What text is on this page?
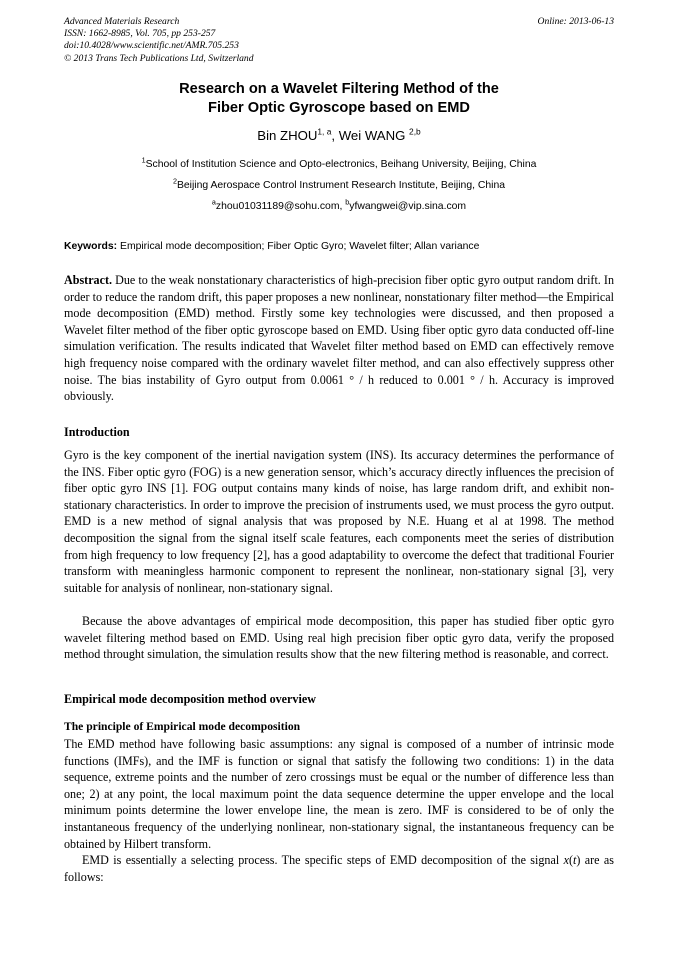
Advanced Materials Research	Online: 2013-06-13
ISSN: 1662-8985, Vol. 705, pp 253-257
doi:10.4028/www.scientific.net/AMR.705.253
© 2013 Trans Tech Publications Ltd, Switzerland
Research on a Wavelet Filtering Method of the
Fiber Optic Gyroscope based on EMD
Bin ZHOU$^{1, a}$, Wei WANG $^{2,b}$
$^1$School of Institution Science and Opto-electronics, Beihang University, Beijing, China
$^2$Beijing Aerospace Control Instrument Research Institute, Beijing, China
$^a$zhou01031189@sohu.com, $^b$yfwangwei@vip.sina.com
Keywords: Empirical mode decomposition; Fiber Optic Gyro; Wavelet filter; Allan variance
Abstract. Due to the weak nonstationary characteristics of high-precision fiber optic gyro output random drift. In order to reduce the random drift, this paper proposes a new nonlinear, nonstationary filter method—the Empirical mode decomposition (EMD) method. Firstly some key technologies were discussed, and then proposed a Wavelet filter method of the fiber optic gyroscope based on EMD. Using fiber optic gyro data conducted off-line simulation verification. The results indicated that Wavelet filter method based on EMD can effectively remove high frequency noise compared with the ordinary wavelet filter method, and can also effectively suppress other noise. The bias instability of Gyro output from 0.0061 ° / h reduced to 0.001 ° / h. Accuracy is improved obviously.
Introduction
Gyro is the key component of the inertial navigation system (INS). Its accuracy determines the performance of the INS. Fiber optic gyro (FOG) is a new generation sensor, which’s accuracy directly influences the precision of fiber optic gyro INS [1]. FOG output contains many kinds of noise, has large random drift, and exhibit non-stationary characteristics. In order to improve the precision of instruments used, we must process the gyro output. EMD is a new method of signal analysis that was proposed by N.E. Huang et al at 1998. The method decomposition the signal from the signal itself scale features, each components meet the series of distribution from high frequency to low frequency [2], has a good adaptability to overcome the defect that traditional Fourier transform with meaningless harmonic component to represent the nonlinear, non-stationary signal [3], very suitable for analysis of nonlinear, non-stationary signal.
Because the above advantages of empirical mode decomposition, this paper has studied fiber optic gyro wavelet filtering method based on EMD. Using real high precision fiber optic gyro data, verify the proposed method throught simulation, the simulation results show that the new filtering method is reasonable, and correct.
Empirical mode decomposition method overview
The principle of Empirical mode decomposition
The EMD method have following basic assumptions: any signal is composed of a number of intrinsic mode functions (IMFs), and the IMF is function or signal that satisfy the following two conditions: 1) in the data sequence, extreme points and the number of zero crossings must be equal or the number of difference less than one; 2) at any point, the local maximum point the data sequence determine the upper envelope and the local minimum points determine the lower envelope line, the mean is zero. IMF is considered to be of only the instantaneous frequency of the underlying nonlinear, non-stationary signal, the instantaneous frequency can be obtained by Hilbert transform.
EMD is essentially a selecting process. The specific steps of EMD decomposition of the signal x(t) are as follows:
